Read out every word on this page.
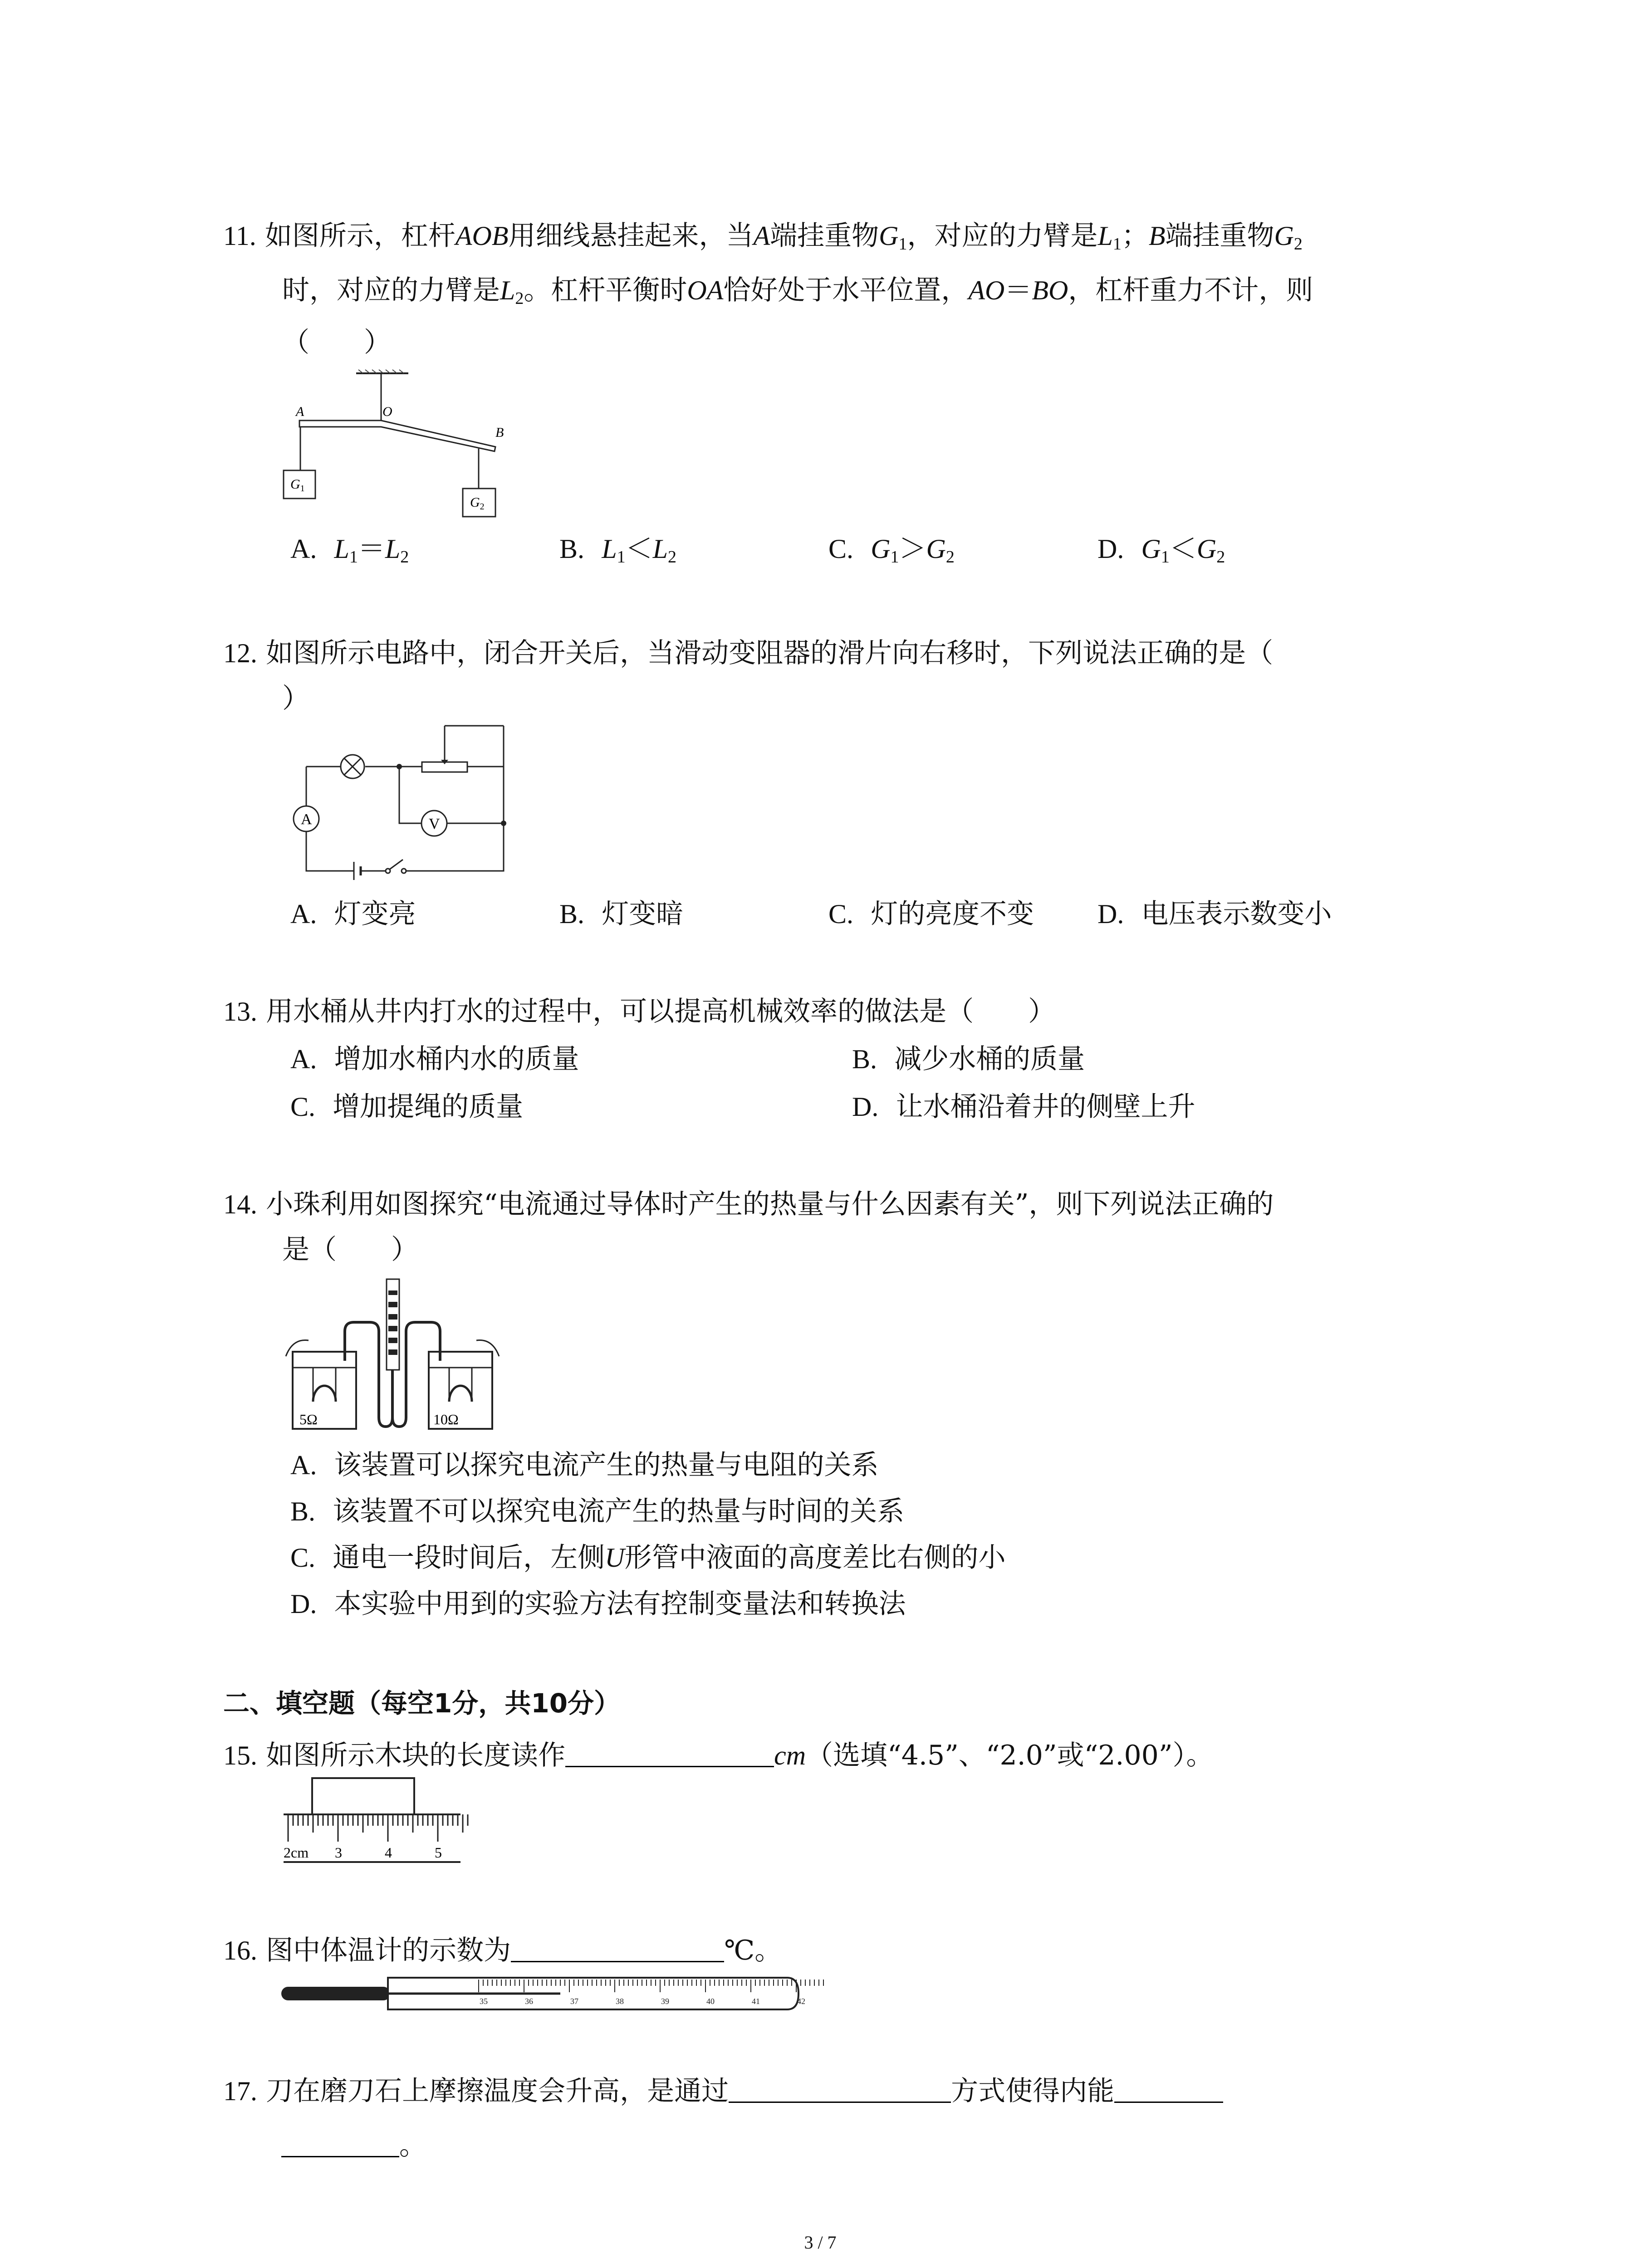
11. 如图所示，杠杆AOB用细线悬挂起来，当A端挂重物$G_1$，对应的力臂是$L_1$；B端挂重物$G_2$
时，对应的力臂是$L_2$。杠杆平衡时OA恰好处于水平位置，AO＝BO，杠杆重力不计，则
（　　）
A	O
B
$G_1$
$G_2$
A. $L_1=L_2$	B. $L_1<L_2$	C. $G_1>G_2$	D. $G_1<G_2$
12. 如图所示电路中，闭合开关后，当滑动变阻器的滑片向右移时，下列说法正确的是（
）
A	V
A. 灯变亮	B. 灯变暗	C. 灯的亮度不变 D. 电压表示数变小
13. 用水桶从井内打水的过程中，可以提高机械效率的做法是（　　）
A. 增加水桶内水的质量	B. 减少水桶的质量
C. 增加提绳的质量	D. 让水桶沿着井的侧壁上升
14. 小珠利用如图探究“电流通过导体时产生的热量与什么因素有关”，则下列说法正确的
是（　　）
5Ω	10Ω
A. 该装置可以探究电流产生的热量与电阻的关系
B. 该装置不可以探究电流产生的热量与时间的关系
C. 通电一段时间后，左侧U形管中液面的高度差比右侧的小
D. 本实验中用到的实验方法有控制变量法和转换法
二、填空题（每空1分，共10分）
15. 如图所示木块的长度读作	cm（选填“4.5”、“2.0”或“2.00”）。
2cm 3	4	5
16. 图中体温计的示数为	℃。
35	36	37	38	39	40	41	42
17. 刀在磨刀石上摩擦温度会升高，是通过	方式使得内能
。
3 / 7
